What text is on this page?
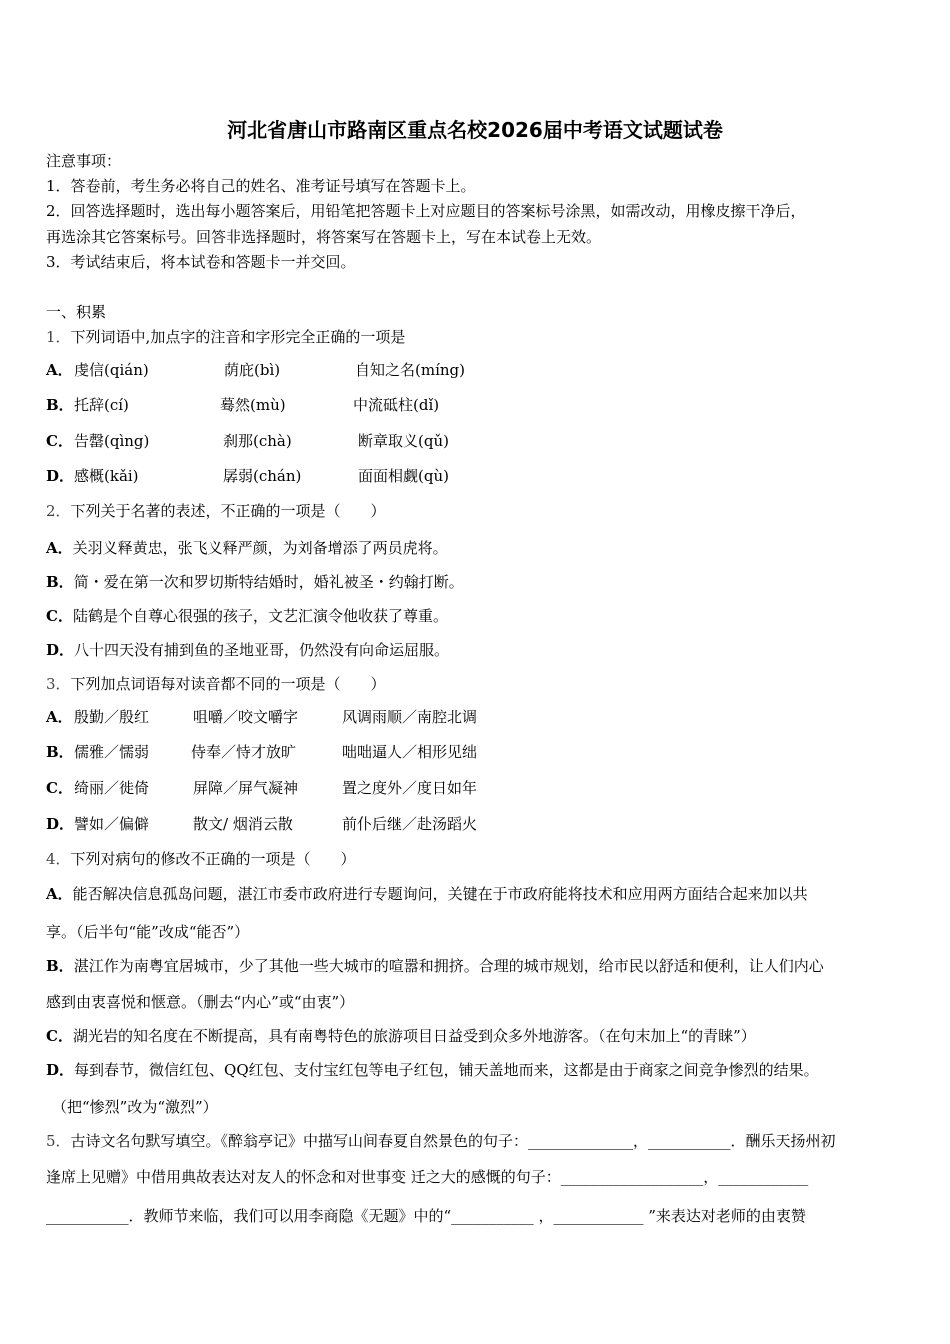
河北省唐山市路南区重点名校2026届中考语文试题试卷
注意事项：
1．答卷前，考生务必将自己的姓名、准考证号填写在答题卡上。
2．回答选择题时，选出每小题答案后，用铅笔把答题卡上对应题目的答案标号涂黑，如需改动，用橡皮擦干净后，
再选涂其它答案标号。回答非选择题时，将答案写在答题卡上，写在本试卷上无效。
3．考试结束后，将本试卷和答题卡一并交回。
一、积累
1．下列词语中,加点字的注音和字形完全正确的一项是
A． 虔信(qián)	荫庇(bì)	自知之名(míng)
B． 托辞(cí)	蓦然(mù)	中流砥柱(dǐ)
C． 告罄(qìng)	刹那(chà)	断章取义(qǔ)
D． 感概(kǎi)	孱弱(chán)	面面相觑(qù)
2．下列关于名著的表述，不正确的一项是（　　）
A．关羽义释黄忠，张飞义释严颜，为刘备增添了两员虎将。
B．简・爱在第一次和罗切斯特结婚时，婚礼被圣・约翰打断。
C．陆鹤是个自尊心很强的孩子，文艺汇演令他收获了尊重。
D．八十四天没有捕到鱼的圣地亚哥，仍然没有向命运屈服。
3．下列加点词语每对读音都不同的一项是（　　）
A． 殷勤／殷红	咀嚼／咬文嚼字	风调雨顺／南腔北调
B． 儒雅／懦弱	侍奉／恃才放旷	咄咄逼人／相形见绌
C． 绮丽／徙倚	屏障／屏气凝神	置之度外／度日如年
D． 譬如／偏僻	散文/ 烟消云散	前仆后继／赴汤蹈火
4．下列对病句的修改不正确的一项是（　　）
A．能否解决信息孤岛问题，湛江市委市政府进行专题询问，关键在于市政府能将技术和应用两方面结合起来加以共
享。（后半句“能”改成“能否”）
B．湛江作为南粤宜居城市，少了其他一些大城市的喧嚣和拥挤。合理的城市规划，给市民以舒适和便利，让人们内心
感到由衷喜悦和惬意。（删去“内心”或“由衷”）
C．湖光岩的知名度在不断提高，具有南粤特色的旅游项目日益受到众多外地游客。（在句末加上“的青睐”）
D．每到春节，微信红包、QQ红包、支付宝红包等电子红包，铺天盖地而来，这都是由于商家之间竞争惨烈的结果。
（把“惨烈”改为“激烈”）
5．古诗文名句默写填空。《醉翁亭记》中描写山间春夏自然景色的句子：______________，___________．酬乐天扬州初
逢席上见赠》中借用典故表达对友人的怀念和对世事变 迁之大的感慨的句子：___________________，____________
___________．教师节来临，我们可以用李商隐《无题》中的“___________ ，____________ ”来表达对老师的由衷赞
